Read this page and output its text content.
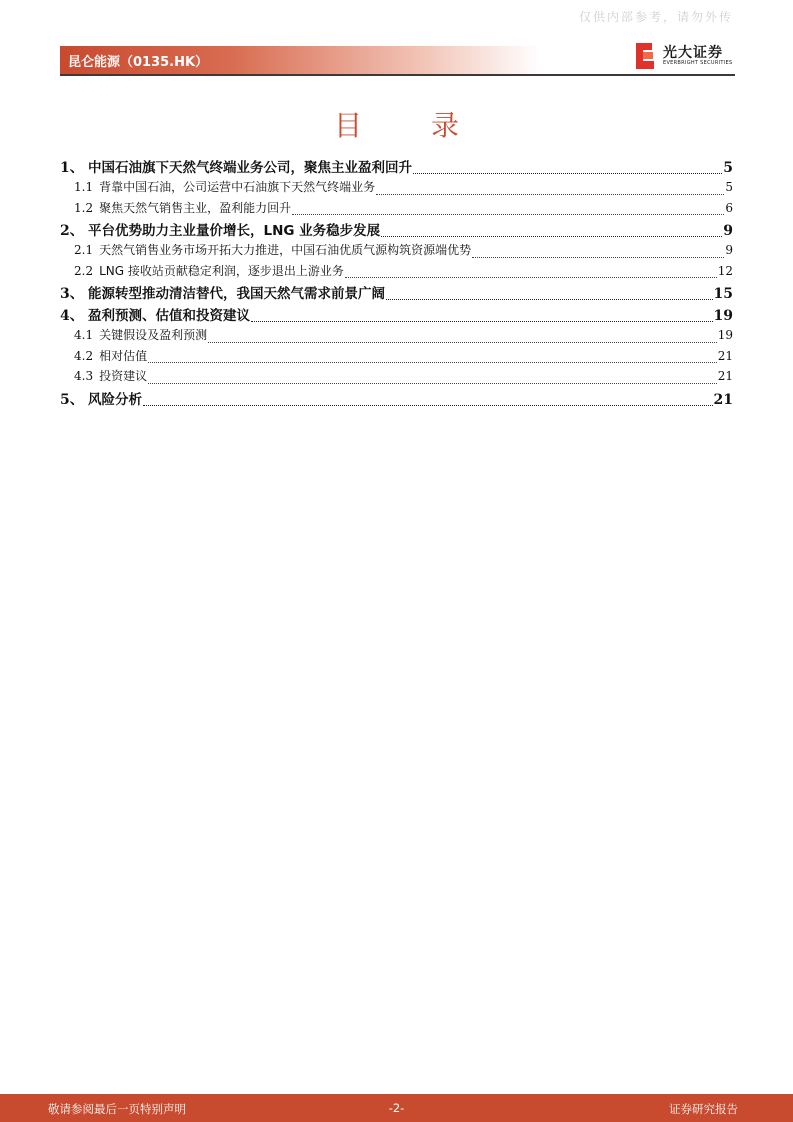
仅供内部参考，请勿外传
昆仑能源（0135.HK）
光大证券
EVERBRIGHT SECURITIES
目 录
1、 中国石油旗下天然气终端业务公司，聚焦主业盈利回升	5
1.1 背靠中国石油，公司运营中石油旗下天然气终端业务	5
1.2 聚焦天然气销售主业，盈利能力回升	6
2、 平台优势助力主业量价增长，LNG 业务稳步发展	9
2.1 天然气销售业务市场开拓大力推进，中国石油优质气源构筑资源端优势	9
2.2 LNG 接收站贡献稳定利润，逐步退出上游业务	12
3、 能源转型推动清洁替代，我国天然气需求前景广阔	15
4、 盈利预测、估值和投资建议	19
4.1 关键假设及盈利预测	19
4.2 相对估值	21
4.3 投资建议	21
5、 风险分析	21
敬请参阅最后一页特别声明	-2-	证券研究报告
